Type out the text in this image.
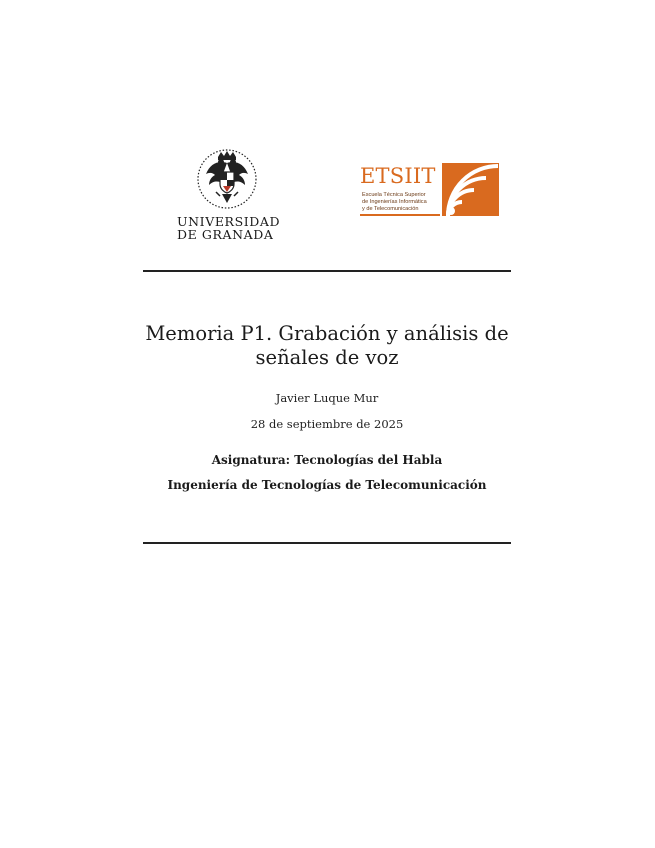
UNIVERSIDAD
DE GRANADA
ETSIIT
Escuela Técnica Superior
de Ingenierías Informática
y de Telecomunicación
Memoria P1. Grabación y análisis de
señales de voz
Javier Luque Mur
28 de septiembre de 2025
Asignatura: Tecnologías del Habla
Ingeniería de Tecnologías de Telecomunicación
